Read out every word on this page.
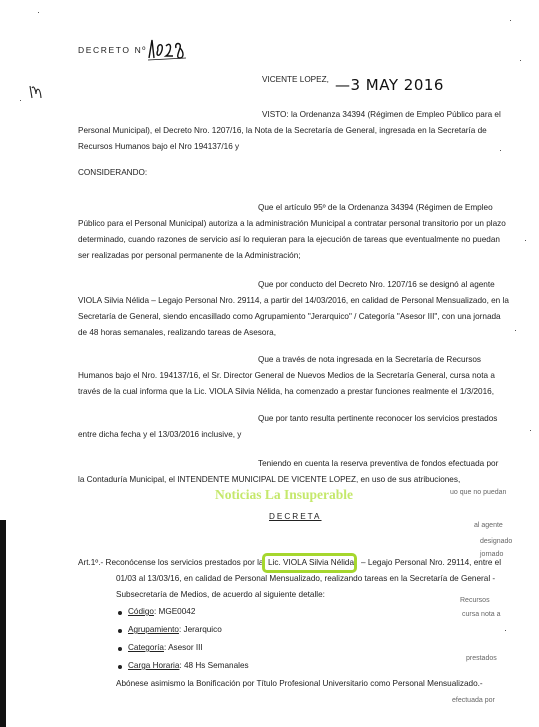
DECRETO Nº
VICENTE LOPEZ, —3 MAY 2016
VISTO: la Ordenanza 34394 (Régimen de Empleo Público para el
Personal Municipal), el Decreto Nro. 1207/16, la Nota de la Secretaría de General, ingresada en la Secretaría de
Recursos Humanos bajo el Nro 194137/16 y
CONSIDERANDO:
Que el artículo 95º de la Ordenanza 34394 (Régimen de Empleo
Público para el Personal Municipal) autoriza a la administración Municipal a contratar personal transitorio por un plazo
determinado, cuando razones de servicio así lo requieran para la ejecución de tareas que eventualmente no puedan
ser realizadas por personal permanente de la Administración;
Que por conducto del Decreto Nro. 1207/16 se designó al agente
VIOLA Silvia Nélida – Legajo Personal Nro. 29114, a partir del 14/03/2016, en calidad de Personal Mensualizado, en la
Secretaría de General, siendo encasillado como Agrupamiento "Jerarquico" / Categoría "Asesor III", con una jornada
de 48 horas semanales, realizando tareas de Asesora,
Que a través de nota ingresada en la Secretaría de Recursos
Humanos bajo el Nro. 194137/16, el Sr. Director General de Nuevos Medios de la Secretaría General, cursa nota a
través de la cual informa que la Lic. VIOLA Silvia Nélida, ha comenzado a prestar funciones realmente el 1/3/2016,
Que por tanto resulta pertinente reconocer los servicios prestados
entre dicha fecha y el 13/03/2016 inclusive, y
Teniendo en cuenta la reserva preventiva de fondos efectuada por
la Contaduría Municipal, el INTENDENTE MUNICIPAL DE VICENTE LOPEZ, en uso de sus atribuciones,
Noticias La Insuperable
DECRETA
Art.1º.- Reconócense los servicios prestados por la Lic. VIOLA Silvia Nélida – Legajo Personal Nro. 29114, entre el
01/03 al 13/03/16, en calidad de Personal Mensualizado, realizando tareas en la Secretaría de General -
Subsecretaría de Medios, de acuerdo al siguiente detalle:
Código: MGE0042
Agrupamiento: Jerarquico
Categoría: Asesor III
Carga Horaria: 48 Hs Semanales
Abónese asimismo la Bonificación por Título Profesional Universitario como Personal Mensualizado.-
uo que no puedan
al agente
designado
jornado
Recursos
cursa nota a
prestados
efectuada por
